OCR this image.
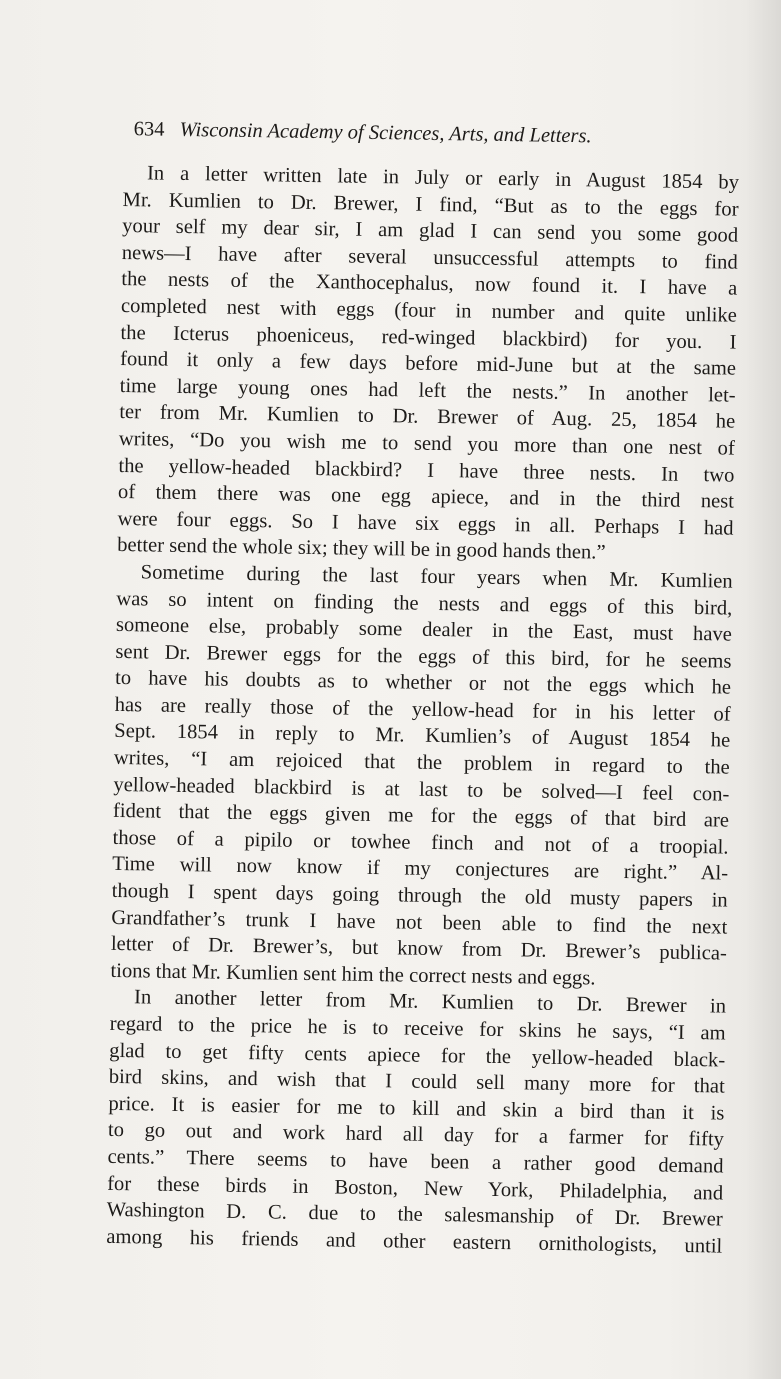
634 Wisconsin Academy of Sciences, Arts, and Letters.
In a letter written late in July or early in August 1854 by
Mr. Kumlien to Dr. Brewer, I find, “But as to the eggs for
your self my dear sir, I am glad I can send you some good
news—I have after several unsuccessful attempts to find
the nests of the Xanthocephalus, now found it. I have a
completed nest with eggs (four in number and quite unlike
the Icterus phoeniceus, red-winged blackbird) for you. I
found it only a few days before mid-June but at the same
time large young ones had left the nests.” In another let-
ter from Mr. Kumlien to Dr. Brewer of Aug. 25, 1854 he
writes, “Do you wish me to send you more than one nest of
the yellow-headed blackbird? I have three nests. In two
of them there was one egg apiece, and in the third nest
were four eggs. So I have six eggs in all. Perhaps I had
better send the whole six; they will be in good hands then.”
Sometime during the last four years when Mr. Kumlien
was so intent on finding the nests and eggs of this bird,
someone else, probably some dealer in the East, must have
sent Dr. Brewer eggs for the eggs of this bird, for he seems
to have his doubts as to whether or not the eggs which he
has are really those of the yellow-head for in his letter of
Sept. 1854 in reply to Mr. Kumlien’s of August 1854 he
writes, “I am rejoiced that the problem in regard to the
yellow-headed blackbird is at last to be solved—I feel con-
fident that the eggs given me for the eggs of that bird are
those of a pipilo or towhee finch and not of a troopial.
Time will now know if my conjectures are right.” Al-
though I spent days going through the old musty papers in
Grandfather’s trunk I have not been able to find the next
letter of Dr. Brewer’s, but know from Dr. Brewer’s publica-
tions that Mr. Kumlien sent him the correct nests and eggs.
In another letter from Mr. Kumlien to Dr. Brewer in
regard to the price he is to receive for skins he says, “I am
glad to get fifty cents apiece for the yellow-headed black-
bird skins, and wish that I could sell many more for that
price. It is easier for me to kill and skin a bird than it is
to go out and work hard all day for a farmer for fifty
cents.” There seems to have been a rather good demand
for these birds in Boston, New York, Philadelphia, and
Washington D. C. due to the salesmanship of Dr. Brewer
among his friends and other eastern ornithologists, until
